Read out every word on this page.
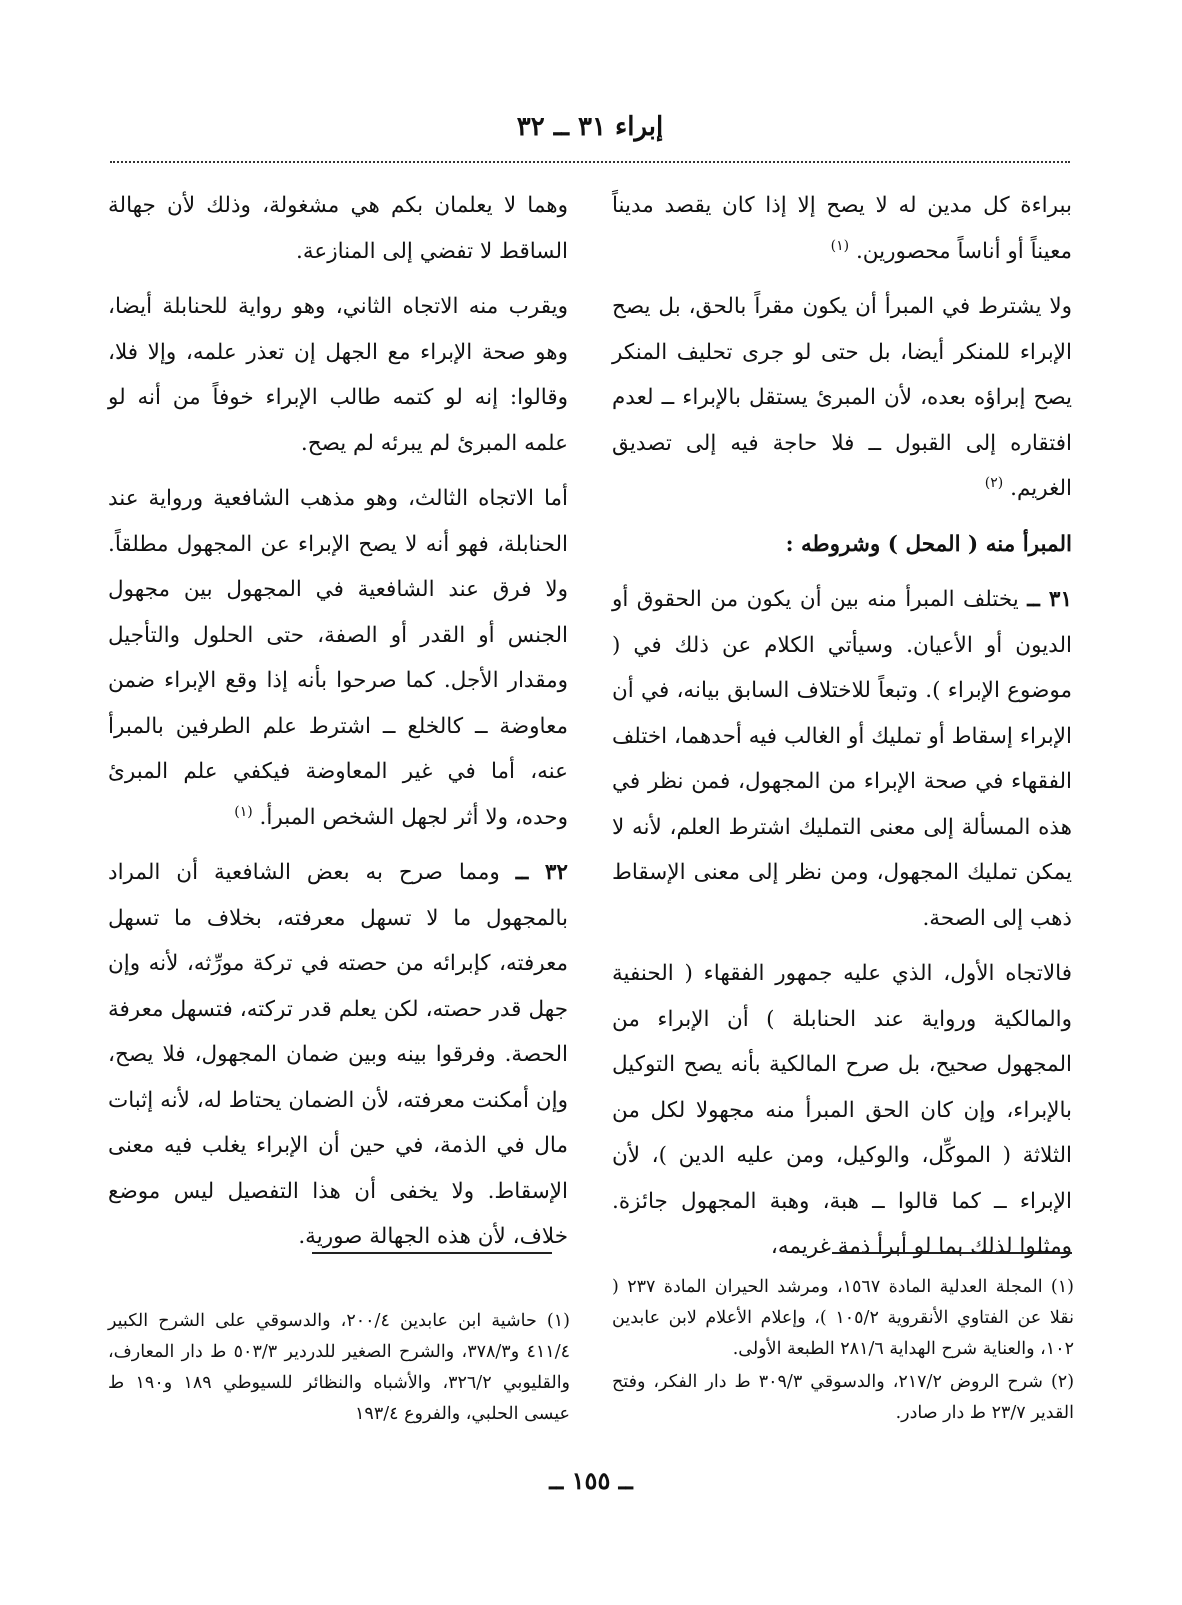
إبراء ٣١ ــ ٣٢

ببراءة كل مدين له لا يصح إلا إذا كان يقصد مديناً معيناً أو أناساً محصورين. $^{(١)}$

ولا يشترط في المبرأ أن يكون مقراً بالحق، بل يصح الإبراء للمنكر أيضا، بل حتى لو جرى تحليف المنكر يصح إبراؤه بعده، لأن المبرئ يستقل بالإبراء ــ لعدم افتقاره إلى القبول ــ فلا حاجة فيه إلى تصديق الغريم. $^{(٢)}$

المبرأ منه ( المحل ) وشروطه :

٣١ ــ يختلف المبرأ منه بين أن يكون من الحقوق أو الديون أو الأعيان. وسيأتي الكلام عن ذلك في ( موضوع الإبراء ). وتبعاً للاختلاف السابق بيانه، في أن الإبراء إسقاط أو تمليك أو الغالب فيه أحدهما، اختلف الفقهاء في صحة الإبراء من المجهول، فمن نظر في هذه المسألة إلى معنى التمليك اشترط العلم، لأنه لا يمكن تمليك المجهول، ومن نظر إلى معنى الإسقاط ذهب إلى الصحة.

فالاتجاه الأول، الذي عليه جمهور الفقهاء ( الحنفية والمالكية ورواية عند الحنابلة ) أن الإبراء من المجهول صحيح، بل صرح المالكية بأنه يصح التوكيل بالإبراء، وإن كان الحق المبرأ منه مجهولا لكل من الثلاثة ( الموكِّل، والوكيل، ومن عليه الدين )، لأن الإبراء ــ كما قالوا ــ هبة، وهبة المجهول جائزة. ومثلوا لذلك بما لو أبرأ ذمة غريمه،

وهما لا يعلمان بكم هي مشغولة، وذلك لأن جهالة الساقط لا تفضي إلى المنازعة.

ويقرب منه الاتجاه الثاني، وهو رواية للحنابلة أيضا، وهو صحة الإبراء مع الجهل إن تعذر علمه، وإلا فلا، وقالوا: إنه لو كتمه طالب الإبراء خوفاً من أنه لو علمه المبرئ لم يبرئه لم يصح.

أما الاتجاه الثالث، وهو مذهب الشافعية ورواية عند الحنابلة، فهو أنه لا يصح الإبراء عن المجهول مطلقاً. ولا فرق عند الشافعية في المجهول بين مجهول الجنس أو القدر أو الصفة، حتى الحلول والتأجيل ومقدار الأجل. كما صرحوا بأنه إذا وقع الإبراء ضمن معاوضة ــ كالخلع ــ اشترط علم الطرفين بالمبرأ عنه، أما في غير المعاوضة فيكفي علم المبرئ وحده، ولا أثر لجهل الشخص المبرأ. $^{(١)}$

٣٢ ــ ومما صرح به بعض الشافعية أن المراد بالمجهول ما لا تسهل معرفته، بخلاف ما تسهل معرفته، كإبرائه من حصته في تركة مورِّثه، لأنه وإن جهل قدر حصته، لكن يعلم قدر تركته، فتسهل معرفة الحصة. وفرقوا بينه وبين ضمان المجهول، فلا يصح، وإن أمكنت معرفته، لأن الضمان يحتاط له، لأنه إثبات مال في الذمة، في حين أن الإبراء يغلب فيه معنى الإسقاط. ولا يخفى أن هذا التفصيل ليس موضع خلاف، لأن هذه الجهالة صورية.

(١) المجلة العدلية المادة ١٥٦٧، ومرشد الحيران المادة ٢٣٧ ( نقلا عن الفتاوي الأنقروية ١٠٥/٢ )، وإعلام الأعلام لابن عابدين ١٠٢، والعناية شرح الهداية ٢٨١/٦ الطبعة الأولى.

(٢) شرح الروض ٢١٧/٢، والدسوقي ٣٠٩/٣ ط دار الفكر، وفتح القدير ٢٣/٧ ط دار صادر.

(١) حاشية ابن عابدين ٢٠٠/٤، والدسوقي على الشرح الكبير ٤١١/٤ و٣٧٨/٣، والشرح الصغير للدردير ٥٠٣/٣ ط دار المعارف، والقليوبي ٣٢٦/٢، والأشباه والنظائر للسيوطي ١٨٩ و١٩٠ ط عيسى الحلبي، والفروع ١٩٣/٤

ــ ١٥٥ ــ
